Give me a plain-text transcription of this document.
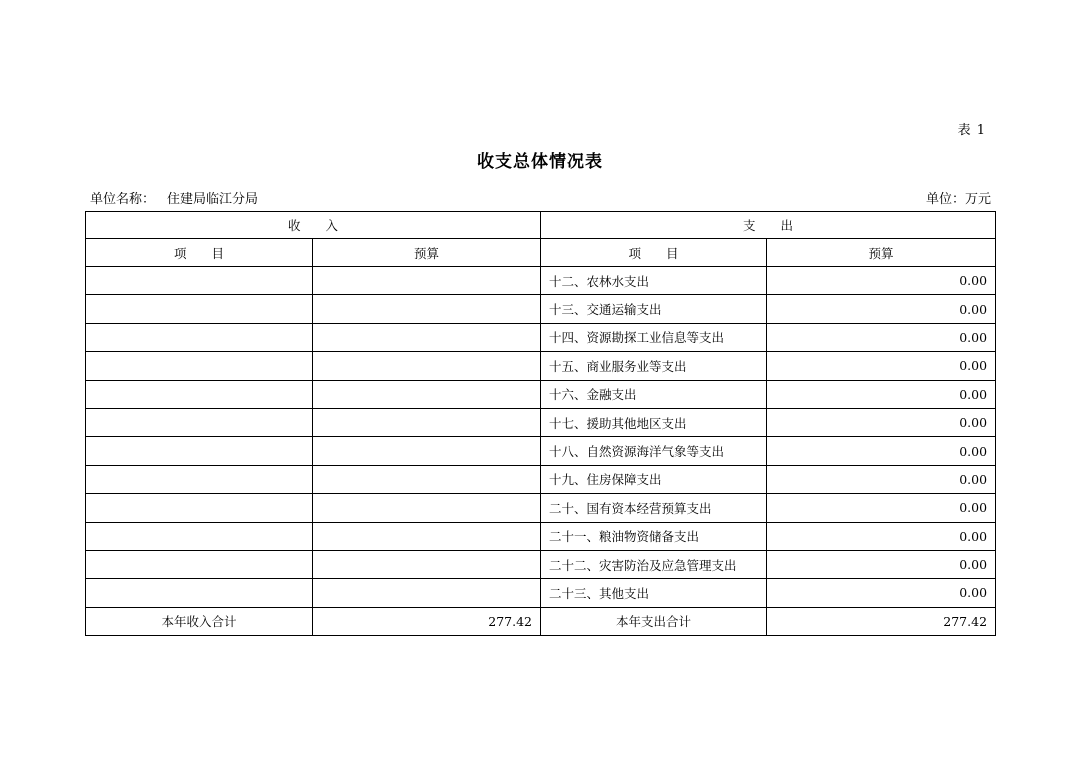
表 1
收支总体情况表
单位名称： 住建局临江分局	单位：万元
收　　入		支　　出	
项　　目	预算	项　　目	预算
		十二、农林水支出	0.00
		十三、交通运输支出	0.00
		十四、资源勘探工业信息等支出	0.00
		十五、商业服务业等支出	0.00
		十六、金融支出	0.00
		十七、援助其他地区支出	0.00
		十八、自然资源海洋气象等支出	0.00
		十九、住房保障支出	0.00
		二十、国有资本经营预算支出	0.00
		二十一、粮油物资储备支出	0.00
		二十二、灾害防治及应急管理支出	0.00
		二十三、其他支出	0.00
本年收入合计	277.42	本年支出合计	277.42
